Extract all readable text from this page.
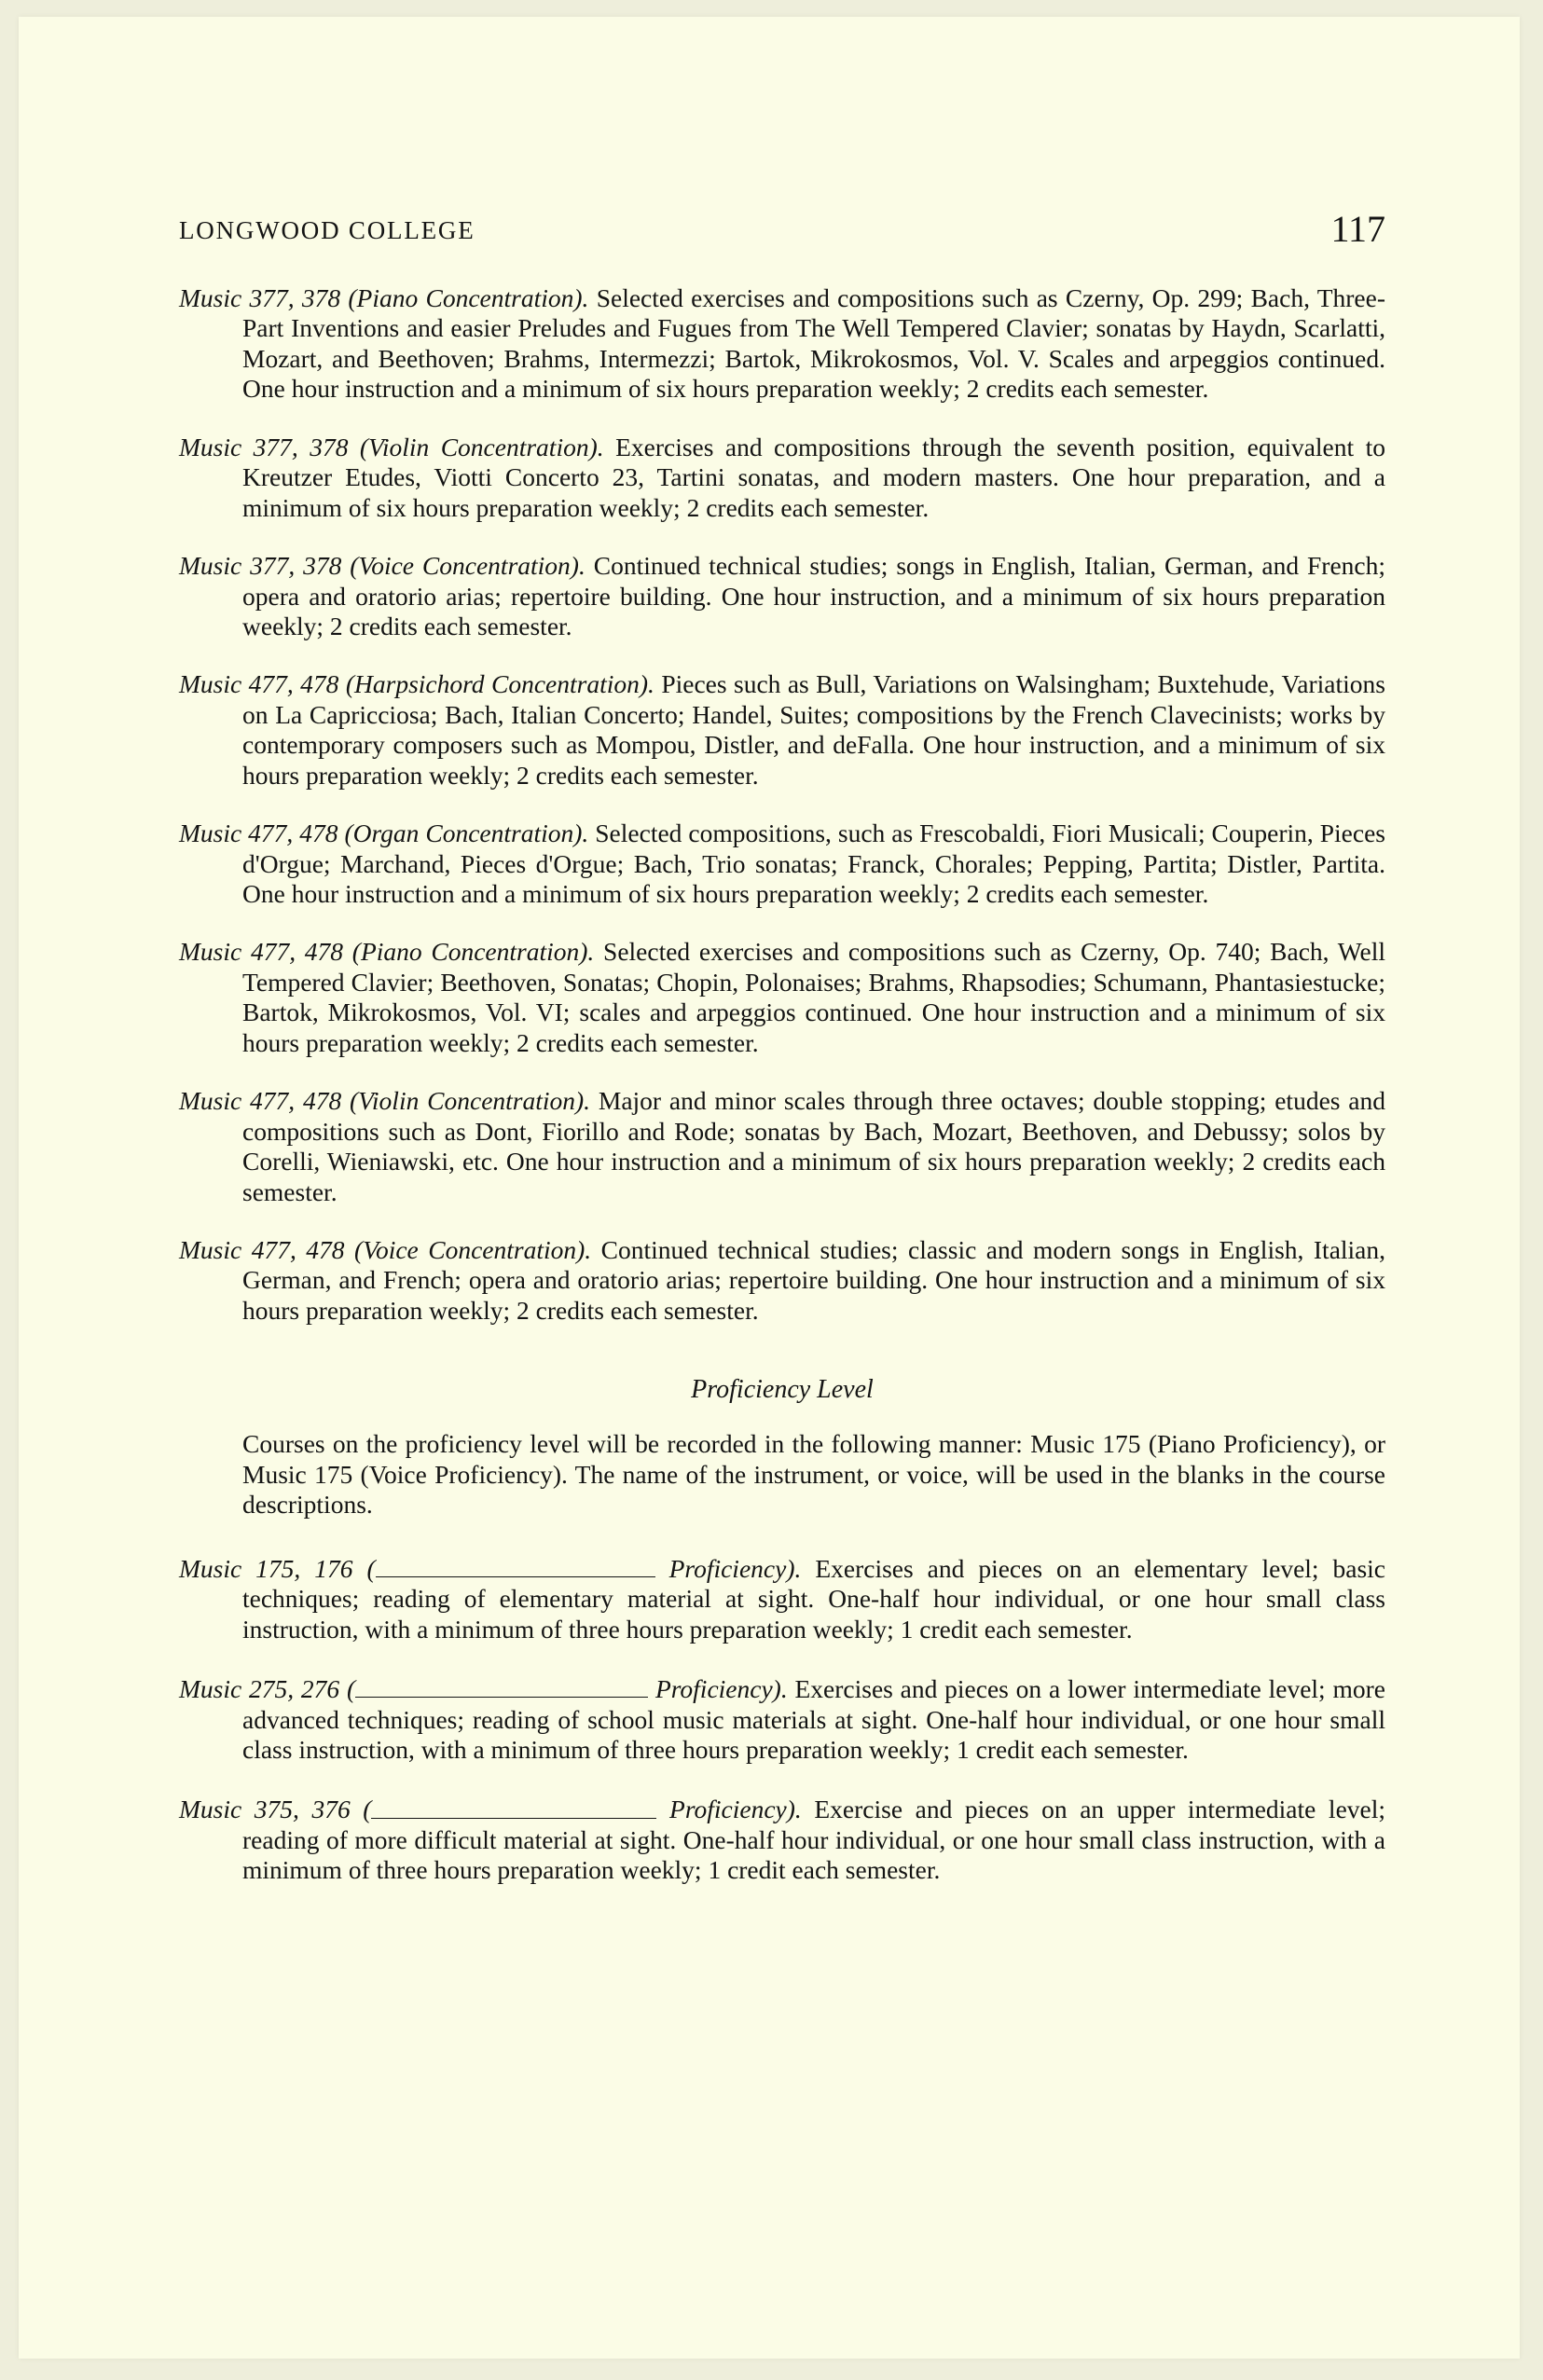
LONGWOOD COLLEGE	117

Music 377, 378 (Piano Concentration). Selected exercises and compositions such as Czerny, Op. 299; Bach, Three-Part Inventions and easier Preludes and Fugues from The Well Tempered Clavier; sonatas by Haydn, Scarlatti, Mozart, and Beethoven; Brahms, Intermezzi; Bartok, Mikrokosmos, Vol. V. Scales and arpeggios continued. One hour instruction and a minimum of six hours preparation weekly; 2 credits each semester.

Music 377, 378 (Violin Concentration). Exercises and compositions through the seventh position, equivalent to Kreutzer Etudes, Viotti Concerto 23, Tartini sonatas, and modern masters. One hour preparation, and a minimum of six hours preparation weekly; 2 credits each semester.

Music 377, 378 (Voice Concentration). Continued technical studies; songs in English, Italian, German, and French; opera and oratorio arias; repertoire building. One hour instruction, and a minimum of six hours preparation weekly; 2 credits each semester.

Music 477, 478 (Harpsichord Concentration). Pieces such as Bull, Variations on Walsingham; Buxtehude, Variations on La Capricciosa; Bach, Italian Concerto; Handel, Suites; compositions by the French Clavecinists; works by contemporary composers such as Mompou, Distler, and deFalla. One hour instruction, and a minimum of six hours preparation weekly; 2 credits each semester.

Music 477, 478 (Organ Concentration). Selected compositions, such as Frescobaldi, Fiori Musicali; Couperin, Pieces d'Orgue; Marchand, Pieces d'Orgue; Bach, Trio sonatas; Franck, Chorales; Pepping, Partita; Distler, Partita. One hour instruction and a minimum of six hours preparation weekly; 2 credits each semester.

Music 477, 478 (Piano Concentration). Selected exercises and compositions such as Czerny, Op. 740; Bach, Well Tempered Clavier; Beethoven, Sonatas; Chopin, Polonaises; Brahms, Rhapsodies; Schumann, Phantasiestucke; Bartok, Mikrokosmos, Vol. VI; scales and arpeggios continued. One hour instruction and a minimum of six hours preparation weekly; 2 credits each semester.

Music 477, 478 (Violin Concentration). Major and minor scales through three octaves; double stopping; etudes and compositions such as Dont, Fiorillo and Rode; sonatas by Bach, Mozart, Beethoven, and Debussy; solos by Corelli, Wieniawski, etc. One hour instruction and a minimum of six hours preparation weekly; 2 credits each semester.

Music 477, 478 (Voice Concentration). Continued technical studies; classic and modern songs in English, Italian, German, and French; opera and oratorio arias; repertoire building. One hour instruction and a minimum of six hours preparation weekly; 2 credits each semester.

Proficiency Level

Courses on the proficiency level will be recorded in the following manner: Music 175 (Piano Proficiency), or Music 175 (Voice Proficiency). The name of the instrument, or voice, will be used in the blanks in the course descriptions.

Music 175, 176 (	Proficiency). Exercises and pieces on an elementary level; basic techniques; reading of elementary material at sight. One-half hour individual, or one hour small class instruction, with a minimum of three hours preparation weekly; 1 credit each semester.

Music 275, 276 (	Proficiency). Exercises and pieces on a lower intermediate level; more advanced techniques; reading of school music materials at sight. One-half hour individual, or one hour small class instruction, with a minimum of three hours preparation weekly; 1 credit each semester.

Music 375, 376 (	Proficiency). Exercise and pieces on an upper intermediate level; reading of more difficult material at sight. One-half hour individual, or one hour small class instruction, with a minimum of three hours preparation weekly; 1 credit each semester.
